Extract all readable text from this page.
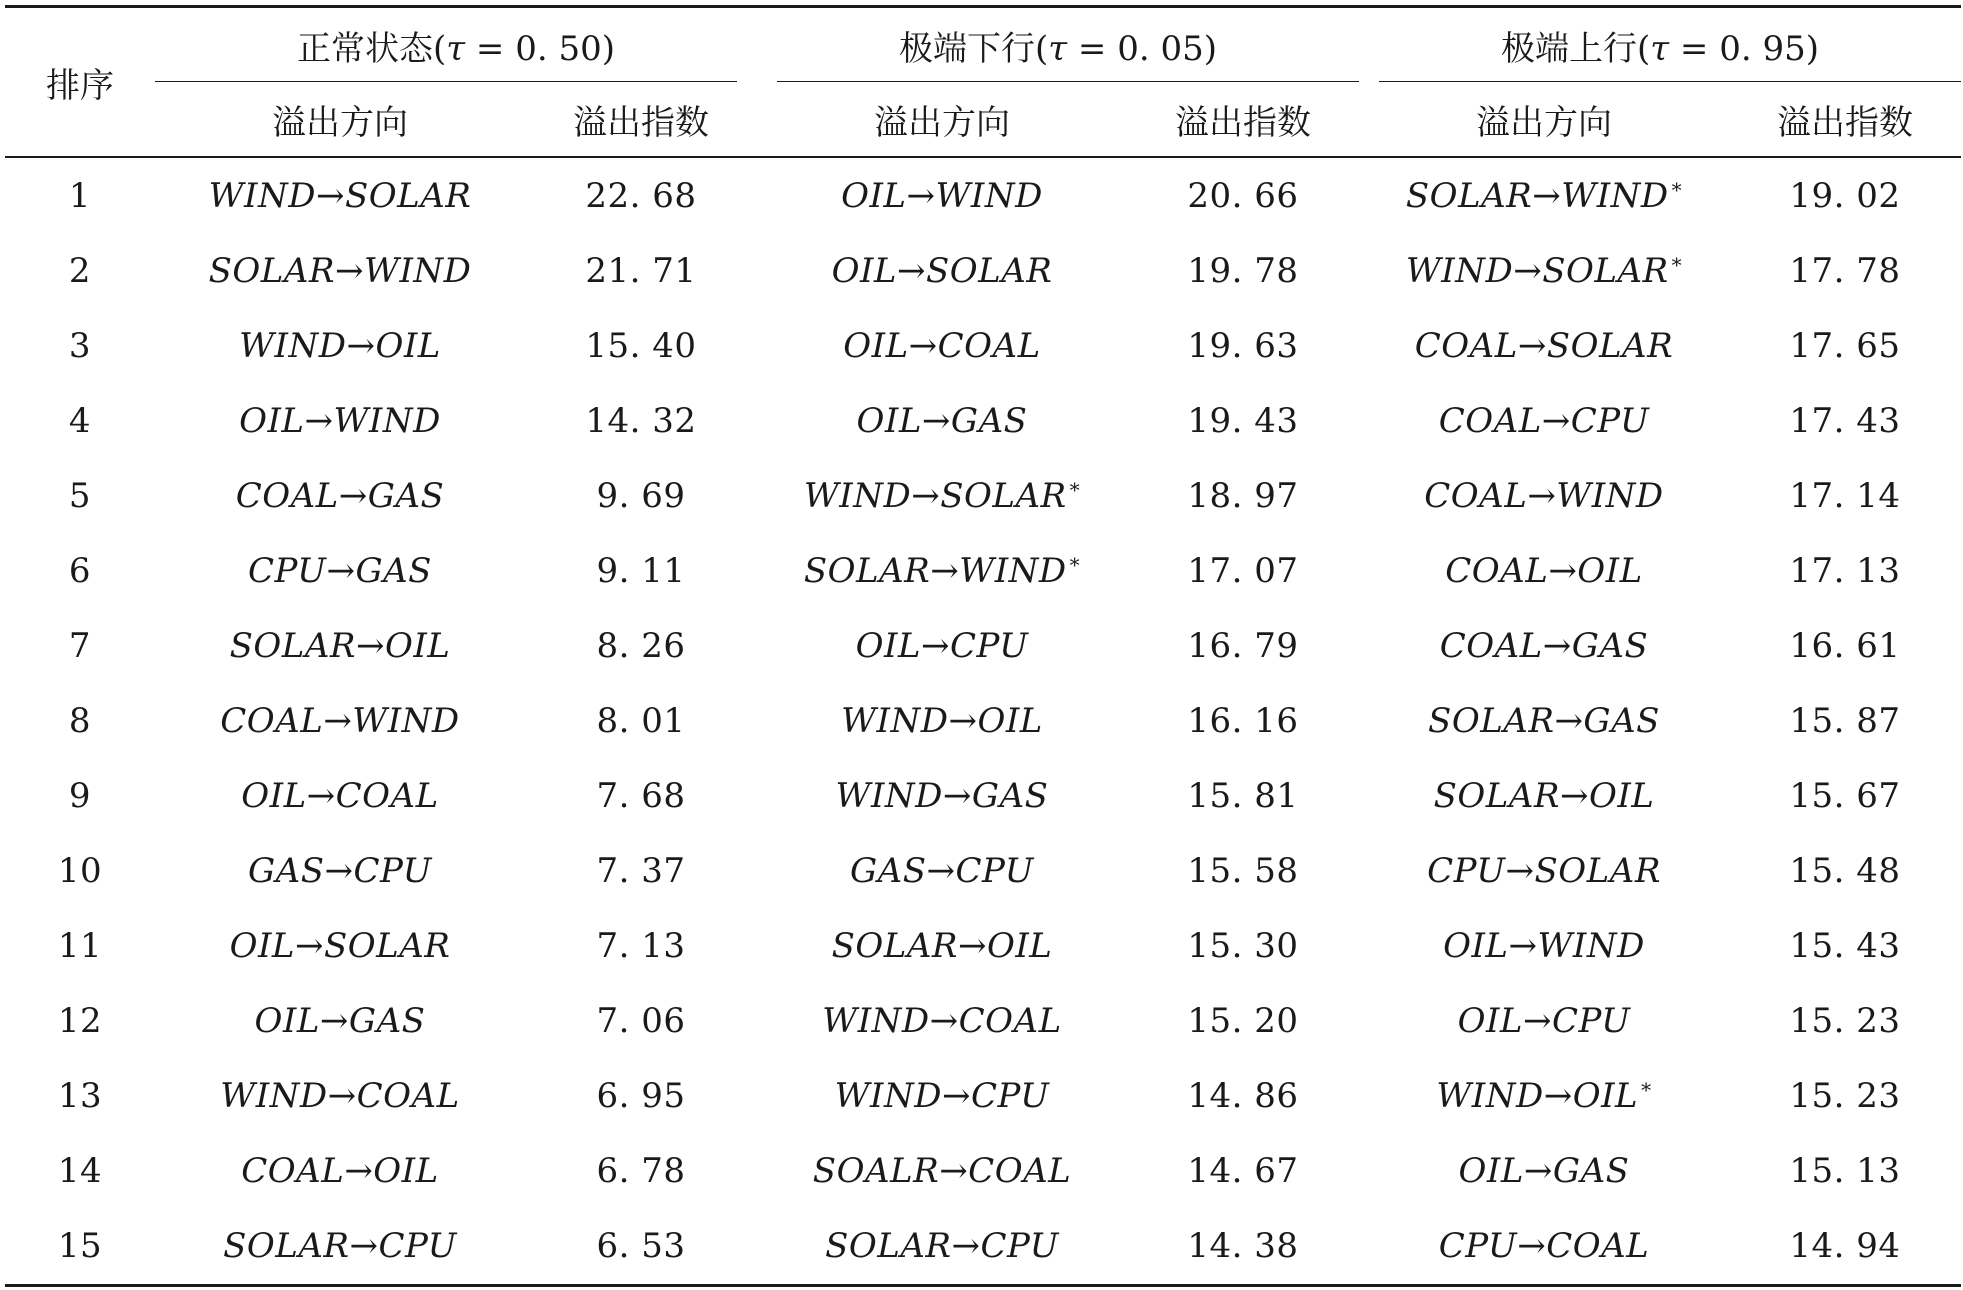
排序	正常状态(τ = 0. 50)		极端下行(τ = 0. 05)		极端上行(τ = 0. 95)	

	溢出方向	溢出指数	溢出方向	溢出指数	溢出方向	溢出指数
1	WIND→SOLAR	22. 68	OIL→WIND	20. 66	SOLAR→WIND *	19. 02
2	SOLAR→WIND	21. 71	OIL→SOLAR	19. 78	WIND→SOLAR *	17. 78
3	WIND→OIL	15. 40	OIL→COAL	19. 63	COAL→SOLAR	17. 65
4	OIL→WIND	14. 32	OIL→GAS	19. 43	COAL→CPU	17. 43
5	COAL→GAS	9. 69	WIND→SOLAR *	18. 97	COAL→WIND	17. 14
6	CPU→GAS	9. 11	SOLAR→WIND *	17. 07	COAL→OIL	17. 13
7	SOLAR→OIL	8. 26	OIL→CPU	16. 79	COAL→GAS	16. 61
8	COAL→WIND	8. 01	WIND→OIL	16. 16	SOLAR→GAS	15. 87
9	OIL→COAL	7. 68	WIND→GAS	15. 81	SOLAR→OIL	15. 67
10	GAS→CPU	7. 37	GAS→CPU	15. 58	CPU→SOLAR	15. 48
11	OIL→SOLAR	7. 13	SOLAR→OIL	15. 30	OIL→WIND	15. 43
12	OIL→GAS	7. 06	WIND→COAL	15. 20	OIL→CPU	15. 23
13	WIND→COAL	6. 95	WIND→CPU	14. 86	WIND→OIL *	15. 23
14	COAL→OIL	6. 78	SOALR→COAL	14. 67	OIL→GAS	15. 13
15	SOLAR→CPU	6. 53	SOLAR→CPU	14. 38	CPU→COAL	14. 94
